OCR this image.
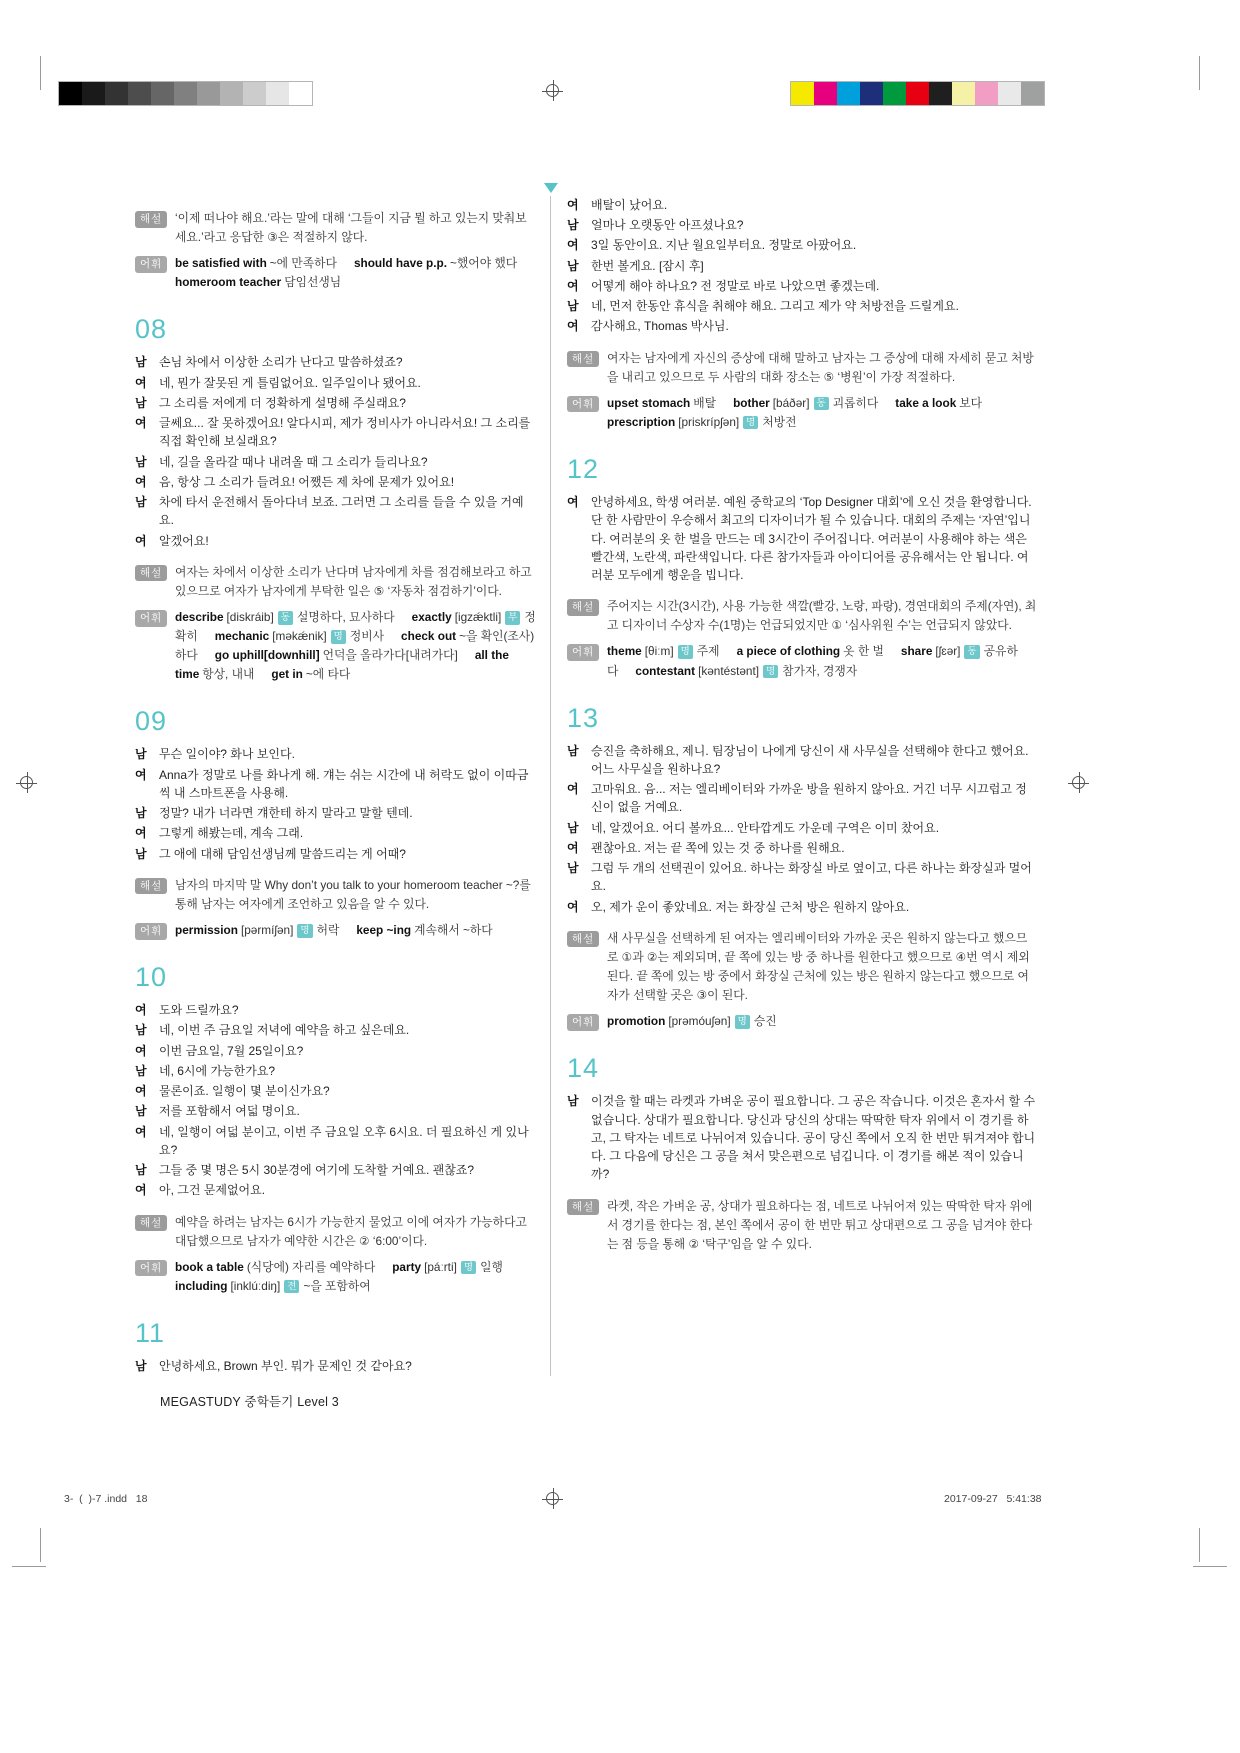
해설	‘이제 떠나야 해요.’라는 말에 대해 ‘그들이 지금 뭘 하고 있는지 맞춰보세요.’라고 응답한 ③은 적절하지 않다.
어휘	be satisfied with ~에 만족하다 should have p.p. ~했어야 했다homeroom teacher 담임선생님
08

남 손님 차에서 이상한 소리가 난다고 말씀하셨죠?

여 네, 뭔가 잘못된 게 틀림없어요. 일주일이나 됐어요.

남 그 소리를 저에게 더 정확하게 설명해 주실래요?

여 글쎄요... 잘 못하겠어요! 알다시피, 제가 정비사가 아니라서요! 그 소리를 직접 확인해 보실래요?

남 네, 길을 올라갈 때나 내려올 때 그 소리가 들리나요?

여 음, 항상 그 소리가 들려요! 어쨌든 제 차에 문제가 있어요!

남 차에 타서 운전해서 돌아다녀 보죠. 그러면 그 소리를 들을 수 있을 거예요.

여 알겠어요!

해설	여자는 차에서 이상한 소리가 난다며 남자에게 차를 점검해보라고 하고 있으므로 여자가 남자에게 부탁한 일은 ⑤ ‘자동차 점검하기’이다.
어휘	describe [diskráib] 동 설명하다, 묘사하다 exactly [igzǽktli] 부 정확히 mechanic [məkǽnik] 명 정비사 check out ~을 확인(조사)하다 go uphill[downhill] 언덕을 올라가다[내려가다] all the time 항상, 내내 get in ~에 타다
09

남 무슨 일이야? 화나 보인다.

여 Anna가 정말로 나를 화나게 해. 걔는 쉬는 시간에 내 허락도 없이 이따금씩 내 스마트폰을 사용해.

남 정말? 내가 너라면 걔한테 하지 말라고 말할 텐데.

여 그렇게 해봤는데, 계속 그래.

남 그 애에 대해 담임선생님께 말씀드리는 게 어때?

해설	남자의 마지막 말 Why don’t you talk to your homeroom teacher ~?를 통해 남자는 여자에게 조언하고 있음을 알 수 있다.
어휘	permission [pərmíʃən] 명 허락 keep ~ing 계속해서 ~하다
10

여 도와 드릴까요?

남 네, 이번 주 금요일 저녁에 예약을 하고 싶은데요.

여 이번 금요일, 7월 25일이요?

남 네, 6시에 가능한가요?

여 물론이죠. 일행이 몇 분이신가요?

남 저를 포함해서 여덟 명이요.

여 네, 일행이 여덟 분이고, 이번 주 금요일 오후 6시요. 더 필요하신 게 있나요?

남 그들 중 몇 명은 5시 30분경에 여기에 도착할 거예요. 괜찮죠?

여 아, 그건 문제없어요.

해설	예약을 하려는 남자는 6시가 가능한지 물었고 이에 여자가 가능하다고 대답했으므로 남자가 예약한 시간은 ② ‘6:00’이다.
어휘	book a table (식당에) 자리를 예약하다 party [páːrti] 명 일행including [inklúːdiŋ] 전 ~을 포함하여
11

남 안녕하세요, Brown 부인. 뭐가 문제인 것 같아요?

여 배탈이 났어요.

남 얼마나 오랫동안 아프셨나요?

여 3일 동안이요. 지난 월요일부터요. 정말로 아팠어요.

남 한번 볼게요. [잠시 후]

여 어떻게 해야 하나요? 전 정말로 바로 나았으면 좋겠는데.

남 네, 먼저 한동안 휴식을 취해야 해요. 그리고 제가 약 처방전을 드릴게요.

여 감사해요, Thomas 박사님.

해설	여자는 남자에게 자신의 증상에 대해 말하고 남자는 그 증상에 대해 자세히 묻고 처방을 내리고 있으므로 두 사람의 대화 장소는 ⑤ ‘병원’이 가장 적절하다.
어휘	upset stomach 배탈 bother [báðər] 동 괴롭히다 take a look 보다prescription [priskrípʃən] 명 처방전
12

여 안녕하세요, 학생 여러분. 예원 중학교의 ‘Top Designer 대회’에 오신 것을 환영합니다. 단 한 사람만이 우승해서 최고의 디자이너가 될 수 있습니다. 대회의 주제는 ‘자연’입니다. 여러분의 옷 한 벌을 만드는 데 3시간이 주어집니다. 여러분이 사용해야 하는 색은 빨간색, 노란색, 파란색입니다. 다른 참가자들과 아이디어를 공유해서는 안 됩니다. 여러분 모두에게 행운을 빕니다.

해설	주어지는 시간(3시간), 사용 가능한 색깔(빨강, 노랑, 파랑), 경연대회의 주제(자연), 최고 디자이너 수상자 수(1명)는 언급되었지만 ① ‘심사위원 수’는 언급되지 않았다.
어휘	theme [θiːm] 명 주제 a piece of clothing 옷 한 벌 share [ʃɛər] 동 공유하다 contestant [kəntéstənt] 명 참가자, 경쟁자
13

남 승진을 축하해요, 제니. 팀장님이 나에게 당신이 새 사무실을 선택해야 한다고 했어요. 어느 사무실을 원하나요?

여 고마워요. 음... 저는 엘리베이터와 가까운 방을 원하지 않아요. 거긴 너무 시끄럽고 정신이 없을 거예요.

남 네, 알겠어요. 어디 볼까요... 안타깝게도 가운데 구역은 이미 찼어요.

여 괜찮아요. 저는 끝 쪽에 있는 것 중 하나를 원해요.

남 그럼 두 개의 선택권이 있어요. 하나는 화장실 바로 옆이고, 다른 하나는 화장실과 멀어요.

여 오, 제가 운이 좋았네요. 저는 화장실 근처 방은 원하지 않아요.

해설	새 사무실을 선택하게 된 여자는 엘리베이터와 가까운 곳은 원하지 않는다고 했으므로 ①과 ②는 제외되며, 끝 쪽에 있는 방 중 하나를 원한다고 했으므로 ④번 역시 제외된다. 끝 쪽에 있는 방 중에서 화장실 근처에 있는 방은 원하지 않는다고 했으므로 여자가 선택할 곳은 ③이 된다.
어휘	promotion [prəmóuʃən] 명 승진
14

남 이것을 할 때는 라켓과 가벼운 공이 필요합니다. 그 공은 작습니다. 이것은 혼자서 할 수 없습니다. 상대가 필요합니다. 당신과 당신의 상대는 딱딱한 탁자 위에서 이 경기를 하고, 그 탁자는 네트로 나뉘어져 있습니다. 공이 당신 쪽에서 오직 한 번만 튀겨져야 합니다. 그 다음에 당신은 그 공을 쳐서 맞은편으로 넘깁니다. 이 경기를 해본 적이 있습니까?

해설	라켓, 작은 가벼운 공, 상대가 필요하다는 점, 네트로 나뉘어져 있는 딱딱한 탁자 위에서 경기를 한다는 점, 본인 쪽에서 공이 한 번만 튀고 상대편으로 그 공을 넘겨야 한다는 점 등을 통해 ② ‘탁구’임을 알 수 있다.
MEGASTUDY 중학듣기 Level 3
3-  (  )-7 .indd   18	2017-09-27   5:41:38
